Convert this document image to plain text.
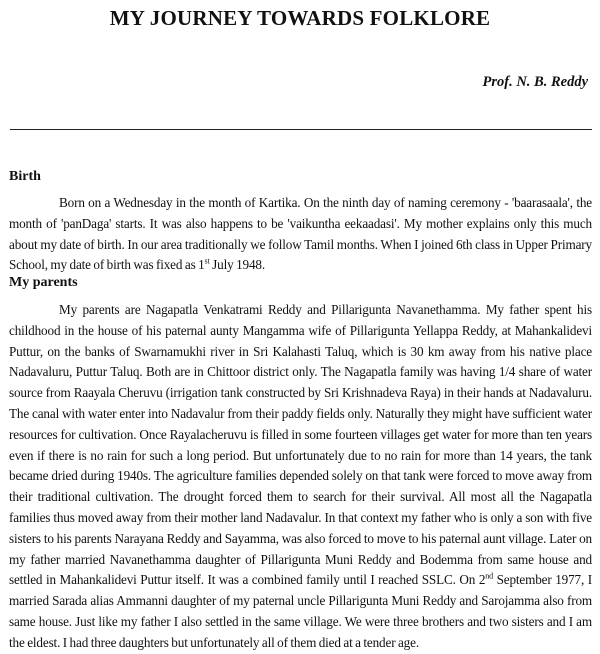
MY JOURNEY TOWARDS FOLKLORE

Prof. N. B. Reddy

Birth

Born on a Wednesday in the month of Kartika. On the ninth day of naming ceremony - 'baarasaala', the month of 'panDaga' starts. It was also happens to be 'vaikuntha eekaadasi'. My mother explains only this much about my date of birth. In our area traditionally we follow Tamil months. When I joined 6th class in Upper Primary School, my date of birth was fixed as 1st July 1948.

My parents

My parents are Nagapatla Venkatrami Reddy and Pillarigunta Navanethamma. My father spent his childhood in the house of his paternal aunty Mangamma wife of Pillarigunta Yellappa Reddy, at Mahankalidevi Puttur, on the banks of Swarnamukhi river in Sri Kalahasti Taluq, which is 30 km away from his native place Nadavaluru, Puttur Taluq. Both are in Chittoor district only. The Nagapatla family was having 1/4 share of water source from Raayala Cheruvu (irrigation tank constructed by Sri Krishnadeva Raya) in their hands at Nadavaluru. The canal with water enter into Nadavalur from their paddy fields only. Naturally they might have sufficient water resources for cultivation. Once Rayalacheruvu is filled in some fourteen villages get water for more than ten years even if there is no rain for such a long period. But unfortunately due to no rain for more than 14 years, the tank became dried during 1940s. The agriculture families depended solely on that tank were forced to move away from their traditional cultivation. The drought forced them to search for their survival. All most all the Nagapatla families thus moved away from their mother land Nadavalur. In that context my father who is only a son with five sisters to his parents Narayana Reddy and Sayamma, was also forced to move to his paternal aunt village. Later on my father married Navanethamma daughter of Pillarigunta Muni Reddy and Bodemma from same house and settled in Mahankalidevi Puttur itself. It was a combined family until I reached SSLC. On 2nd September 1977, I married Sarada alias Ammanni daughter of my paternal uncle Pillarigunta Muni Reddy and Sarojamma also from same house. Just like my father I also settled in the same village. We were three brothers and two sisters and I am the eldest. I had three daughters but unfortunately all of them died at a tender age.
